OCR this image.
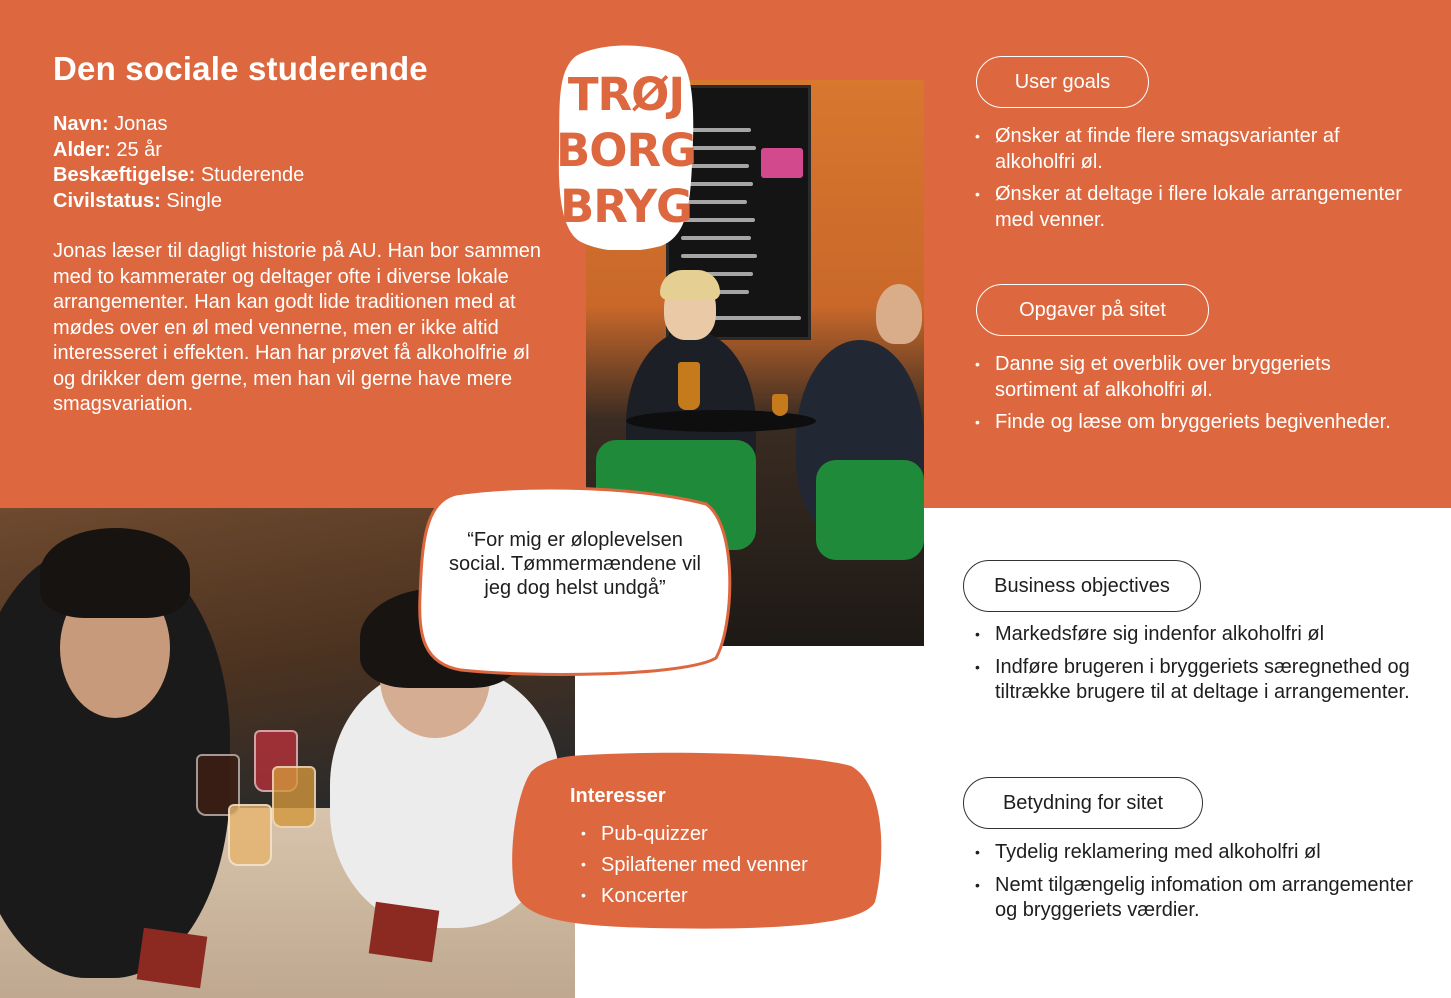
Den sociale studerende
Navn: Jonas
Alder: 25 år
Beskæftigelse: Studerende
Civilstatus: Single

Jonas læser til dagligt historie på AU. Han bor sammen med to kammerater og deltager ofte i diverse lokale arrangementer. Han kan godt lide traditionen med at mødes over en øl med vennerne, men er ikke altid interesseret i effekten. Han har prøvet få alkoholfrie øl og drikker dem gerne, men han vil gerne have mere smagsvariation.

TRØJ
BORG
BRYG

“For mig er øloplevelsen social. Tømmermændene vil jeg dog helst undgå”

Interesser
• Pub-quizzer
• Spilaftener med venner
• Koncerter
User goals
• Ønsker at finde flere smagsvarianter af alkoholfri øl.
• Ønsker at deltage i flere lokale arrangementer med venner.
Opgaver på sitet
• Danne sig et overblik over bryggeriets sortiment af alkoholfri øl.
• Finde og læse om bryggeriets begivenheder.
Business objectives
• Markedsføre sig indenfor alkoholfri øl
• Indføre brugeren i bryggeriets særegnethed og tiltrække brugere til at deltage i arrangementer.
Betydning for sitet
• Tydelig reklamering med alkoholfri øl
• Nemt tilgængelig infomation om arrangementer og bryggeriets værdier.
